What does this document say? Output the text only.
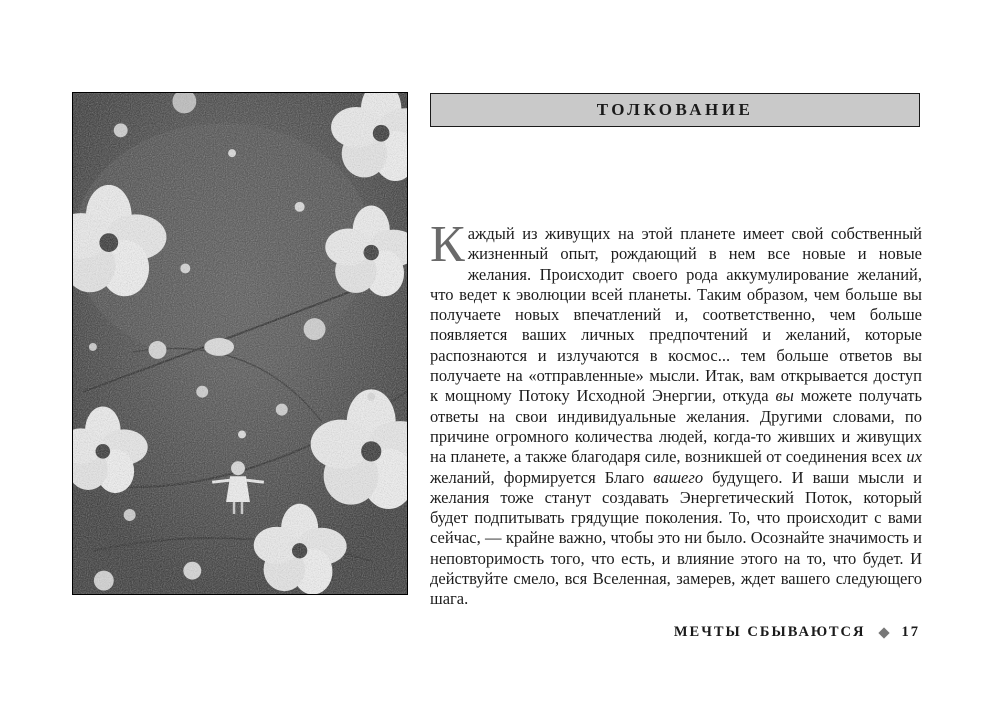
ТОЛКОВАНИЕ

Каждый из живущих на этой планете имеет свой собственный жизненный опыт, рождающий в нем все новые и новые желания. Происходит своего рода аккумулирование желаний, что ведет к эволюции всей планеты. Таким образом, чем больше вы получаете новых впечатлений и, соответственно, чем больше появляется ваших личных предпочтений и желаний, которые распознаются и излучаются в космос... тем больше ответов вы получаете на «отправленные» мысли. Итак, вам открывается доступ к мощному Потоку Исходной Энергии, откуда вы можете получать ответы на свои индивидуальные желания. Другими словами, по причине огромного количества людей, когда-то живших и живущих на планете, а также благодаря силе, возникшей от соединения всех их желаний, формируется Благо вашего будущего. И ваши мысли и желания тоже станут создавать Энергетический Поток, который будет подпитывать грядущие поколения. То, что происходит с вами сейчас, — крайне важно, чтобы это ни было. Осознайте значимость и неповторимость того, что есть, и влияние этого на то, что будет. И действуйте смело, вся Вселенная, замерев, ждет вашего следующего шага.

МЕЧТЫ СБЫВАЮТСЯ 17
